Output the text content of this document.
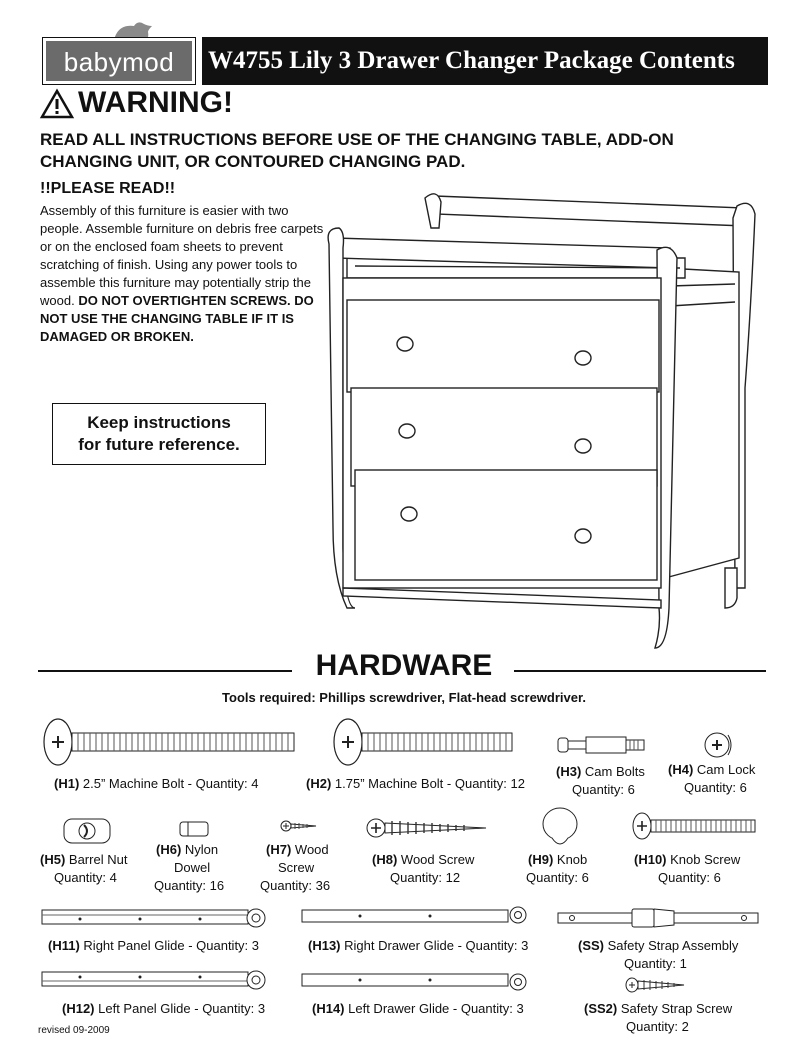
babymod	W4755 Lily 3 Drawer Changer Package Contents
WARNING!
READ ALL INSTRUCTIONS BEFORE USE OF THE CHANGING TABLE, ADD-ON CHANGING UNIT, OR CONTOURED CHANGING PAD.
!!PLEASE READ!!
Assembly of this furniture is easier with two people. Assemble furniture on debris free carpets or on the enclosed foam sheets to prevent scratching of finish. Using any power tools to assemble this furniture may potentially strip the wood. DO NOT OVERTIGHTEN SCREWS. DO NOT USE THE CHANGING TABLE IF IT IS DAMAGED OR BROKEN.
Keep instructions
for future reference.
HARDWARE
Tools required: Phillips screwdriver, Flat-head screwdriver.
(H1) 2.5” Machine Bolt - Quantity: 4	(H2) 1.75” Machine Bolt - Quantity: 12
(H3) Cam Bolts
Quantity: 6
(H4) Cam Lock
Quantity: 6
(H5) Barrel Nut
Quantity: 4
(H6) Nylon
Dowel
Quantity: 16
(H7) Wood
Screw
Quantity: 36
(H8) Wood Screw
Quantity: 12
(H9) Knob
Quantity: 6
(H10) Knob Screw
Quantity: 6
(H11) Right Panel Glide - Quantity: 3	(H13) Right Drawer Glide - Quantity: 3	(SS) Safety Strap Assembly
Quantity: 1
(H12) Left Panel Glide - Quantity: 3	(H14) Left Drawer Glide - Quantity: 3	(SS2) Safety Strap Screw
Quantity: 2
revised 09-2009
